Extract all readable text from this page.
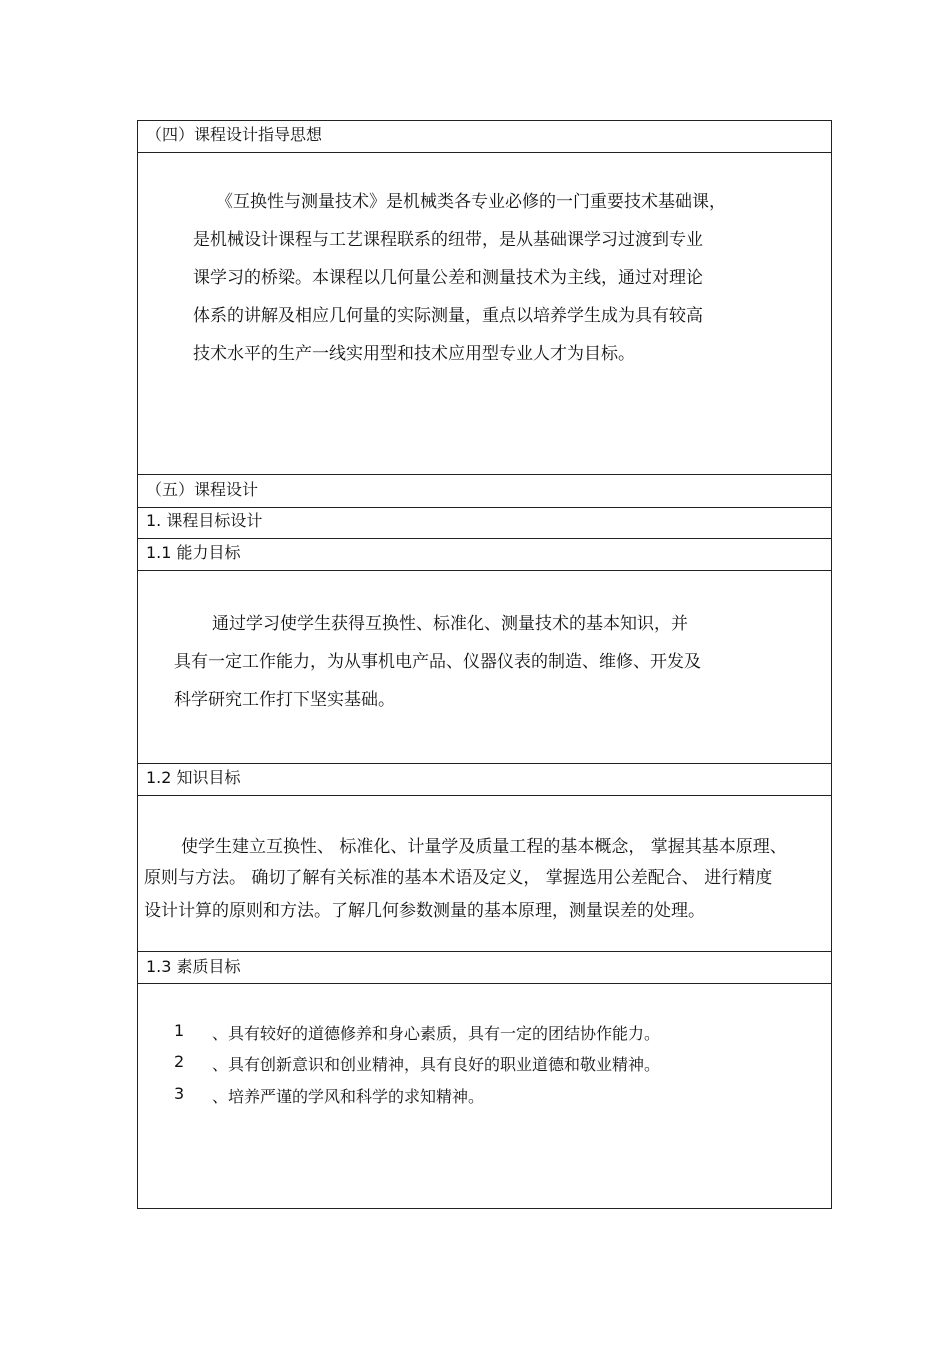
（四）课程设计指导思想
《互换性与测量技术》是机械类各专业必修的一门重要技术基础课，
是机械设计课程与工艺课程联系的纽带，是从基础课学习过渡到专业
课学习的桥梁。本课程以几何量公差和测量技术为主线，通过对理论
体系的讲解及相应几何量的实际测量，重点以培养学生成为具有较高
技术水平的生产一线实用型和技术应用型专业人才为目标。
（五）课程设计
1. 课程目标设计
1.1 能力目标
通过学习使学生获得互换性、标准化、测量技术的基本知识，并
具有一定工作能力，为从事机电产品、仪器仪表的制造、维修、开发及
科学研究工作打下坚实基础。
1.2 知识目标
使学生建立互换性、 标准化、计量学及质量工程的基本概念， 掌握其基本原理、
原则与方法。 确切了解有关标准的基本术语及定义， 掌握选用公差配合、 进行精度
设计计算的原则和方法。了解几何参数测量的基本原理，测量误差的处理。
1.3 素质目标
1 、具有较好的道德修养和身心素质，具有一定的团结协作能力。
2 、具有创新意识和创业精神，具有良好的职业道德和敬业精神。
3 、培养严谨的学风和科学的求知精神。
